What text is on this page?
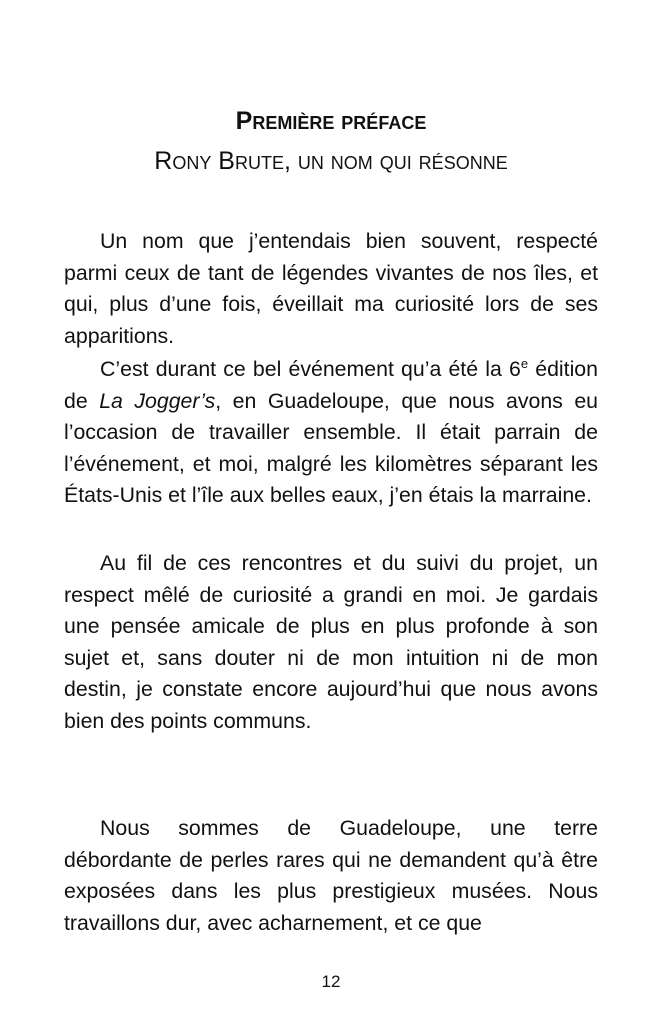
Première préface
Rony Brute, un nom qui résonne

Un nom que j’entendais bien souvent, respecté parmi ceux de tant de légendes vivantes de nos îles, et qui, plus d’une fois, éveillait ma curiosité lors de ses apparitions.

C’est durant ce bel événement qu’a été la 6e édition de La Jogger’s, en Guadeloupe, que nous avons eu l’occasion de travailler ensemble. Il était parrain de l’événement, et moi, malgré les kilomètres séparant les États-Unis et l’île aux belles eaux, j’en étais la marraine.

Au fil de ces rencontres et du suivi du projet, un respect mêlé de curiosité a grandi en moi. Je gardais une pensée amicale de plus en plus profonde à son sujet et, sans douter ni de mon intuition ni de mon destin, je constate encore aujourd’hui que nous avons bien des points communs.

Nous sommes de Guadeloupe, une terre débordante de perles rares qui ne demandent qu’à être exposées dans les plus prestigieux musées. Nous travaillons dur, avec acharnement, et ce que

12
